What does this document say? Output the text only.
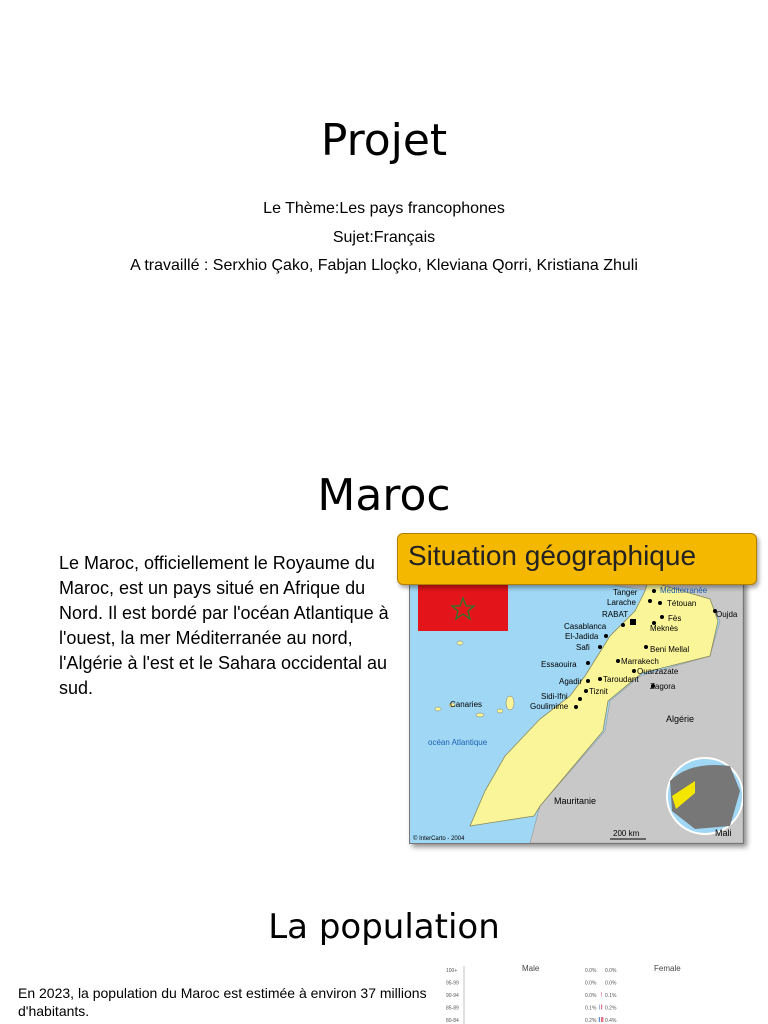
Projet
Le Thème:Les pays francophones
Sujet:Français
A travaillé : Serxhio Çako, Fabjan Lloçko, Kleviana Qorri, Kristiana Zhuli
Maroc
Le Maroc, officiellement le Royaume du Maroc, est un pays situé en Afrique du Nord. Il est bordé par l'océan Atlantique à l'ouest, la mer Méditerranée au nord, l'Algérie à l'est et le Sahara occidental au sud.
Tanger
Larache	Tétouan
RABAT
Casablanca
El-Jadida
Safi
Fès
Meknès
Oujda
Beni Mellal
Essaouira	Marrakech
Ouarzazate
Agadir	Taroudant
Zagora
Tiznit
Sidi-Ifni
Goulimime
Méditerranée
Canaries
océan Atlantique
Algérie
Mauritanie
Mali
200 km
© InterCarto - 2004
Situation géographique
La population
En 2023, la population du Maroc est estimée à environ 37 millions d'habitants.
Male	Female
100+	0.0% 0.0%
95-99	0.0% 0.0%
90-94	0.0% 0.1%
85-89	0.1% 0.2%
80-84	0.2% 0.4%
